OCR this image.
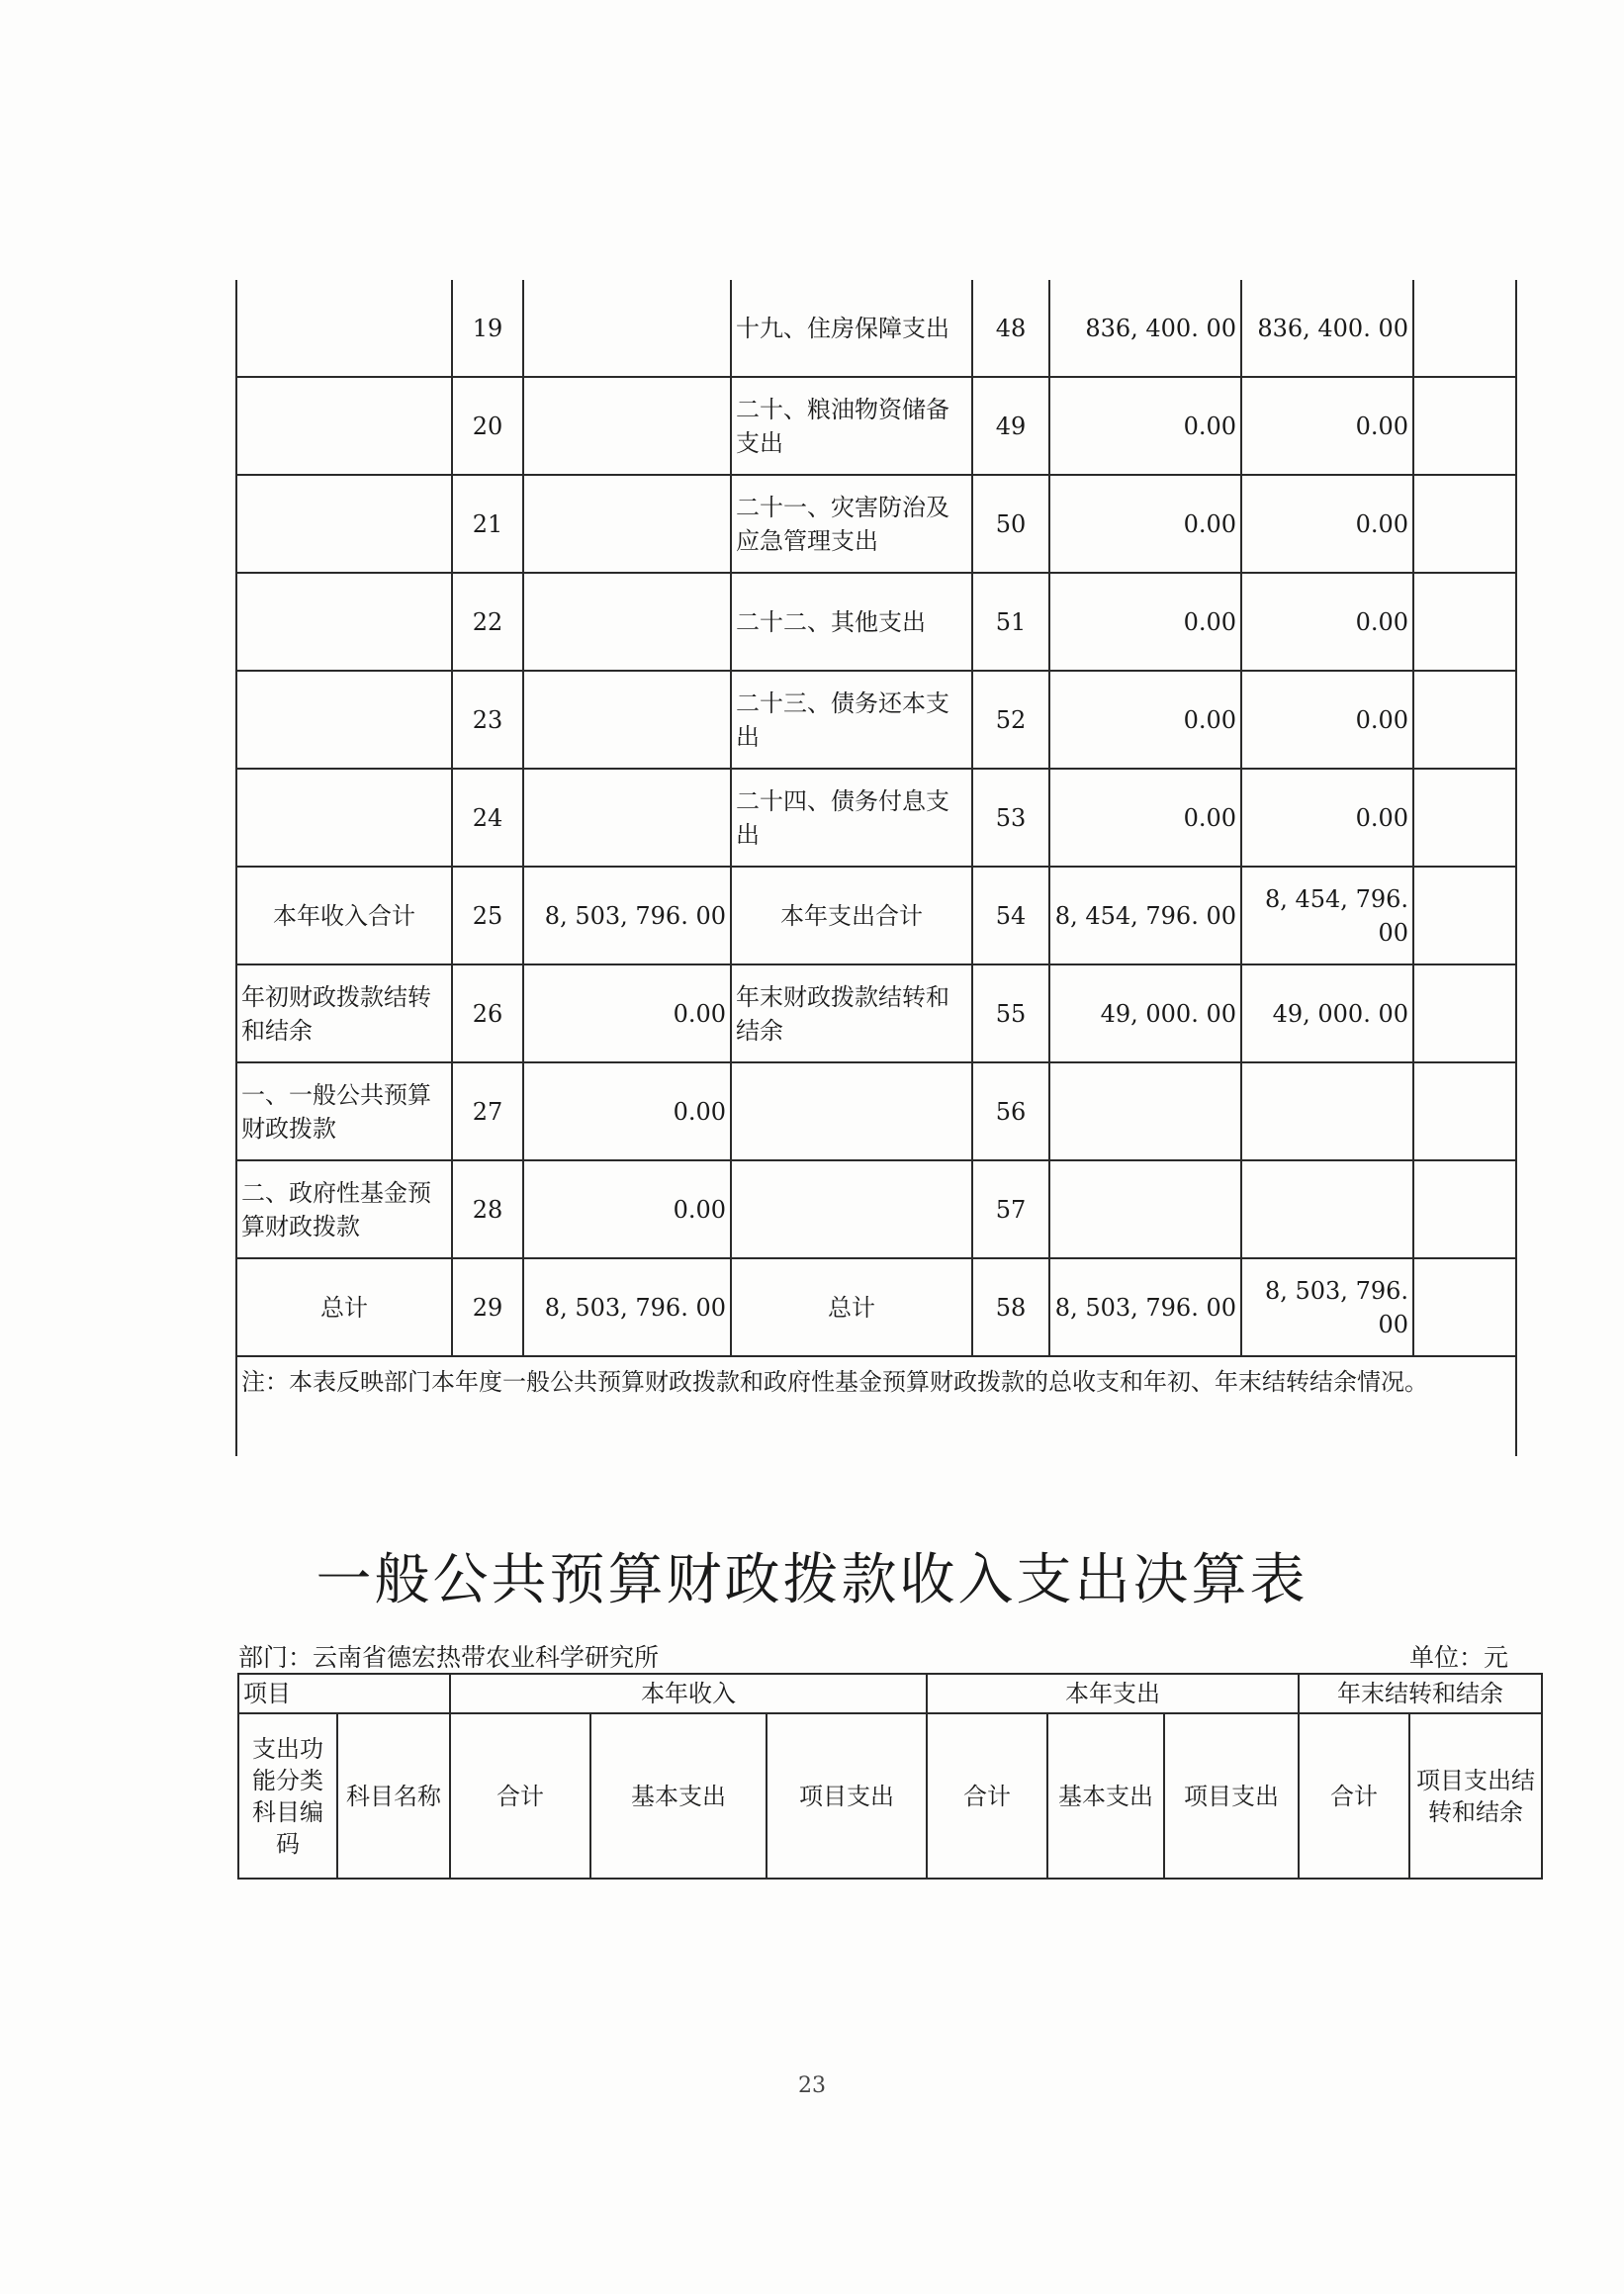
	19		十九、住房保障支出	48	836, 400. 00	836, 400. 00	
	20		二十、粮油物资储备支出	49	0.00	0.00	
	21		二十一、灾害防治及应急管理支出	50	0.00	0.00	
	22		二十二、其他支出	51	0.00	0.00	
	23		二十三、债务还本支出	52	0.00	0.00	
	24		二十四、债务付息支出	53	0.00	0.00	
本年收入合计	25	8, 503, 796. 00	本年支出合计	54	8, 454, 796. 00	8, 454, 796. 00	
年初财政拨款结转和结余	26	0.00	年末财政拨款结转和结余	55	49, 000. 00	49, 000. 00	
一、一般公共预算财政拨款	27	0.00		56			
二、政府性基金预算财政拨款	28	0.00		57			
总计	29	8, 503, 796. 00	总计	58	8, 503, 796. 00	8, 503, 796. 00	
注：本表反映部门本年度一般公共预算财政拨款和政府性基金预算财政拨款的总收支和年初、年末结转结余情况。							
一般公共预算财政拨款收入支出决算表
部门：云南省德宏热带农业科学研究所	单位：元
项目		本年收入			本年支出			年末结转和结余	
支出功能分类科目编码	科目名称	合计	基本支出	项目支出	合计	基本支出	项目支出	合计	项目支出结转和结余
23
